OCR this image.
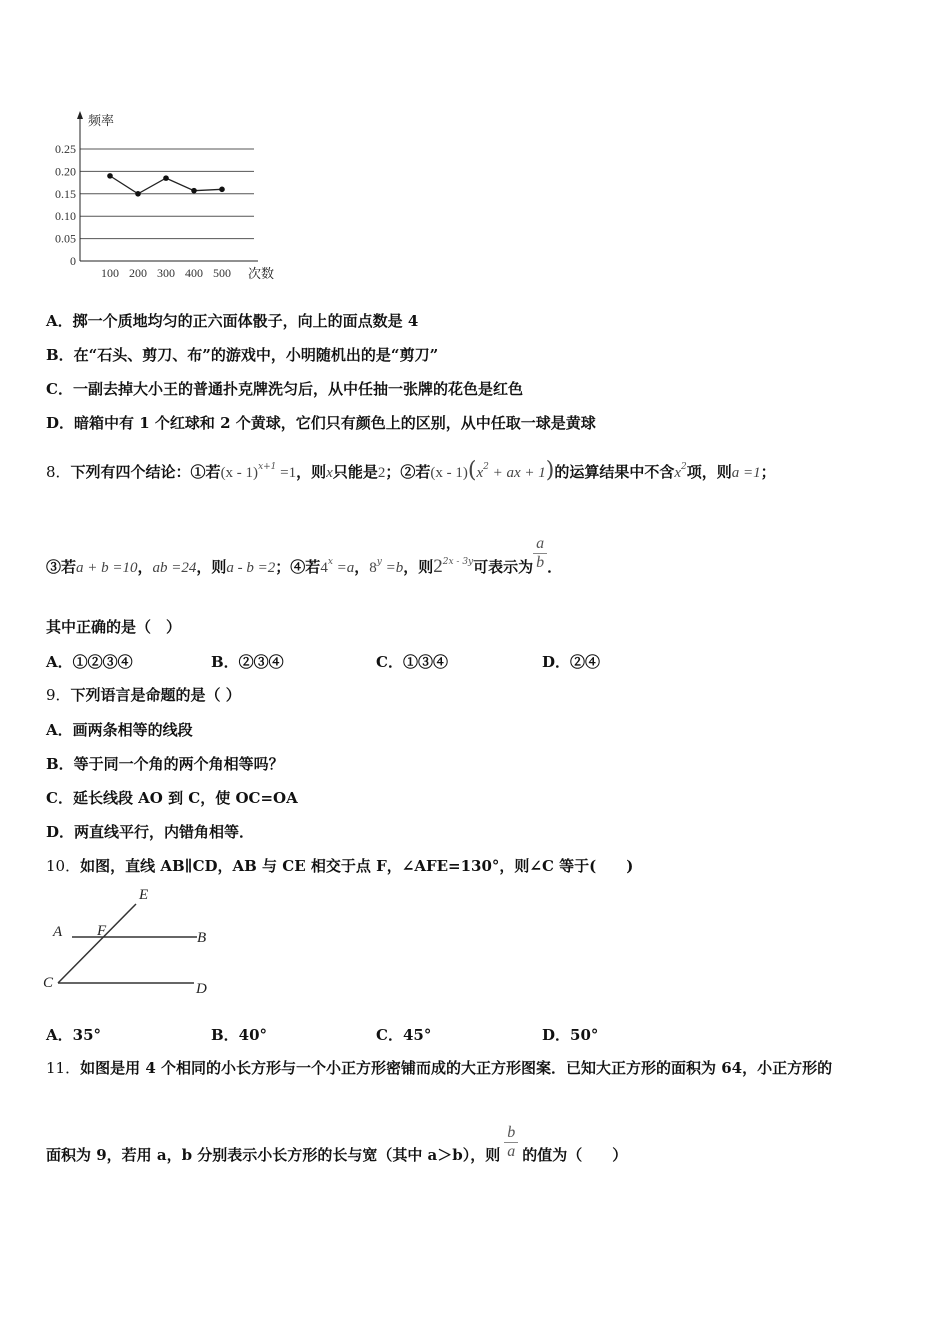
频率
次数
0.25
0.20
0.15
0.10
0.05
0
100 200 300 400 500
A．掷一个质地均匀的正六面体骰子，向上的面点数是 4
B．在“石头、剪刀、布”的游戏中，小明随机出的是“剪刀”
C．一副去掉大小王的普通扑克牌洗匀后，从中任抽一张牌的花色是红色
D．暗箱中有 1 个红球和 2 个黄球，它们只有颜色上的区别，从中任取一球是黄球
8．下列有四个结论：①若(x - 1)$^{x+1}$ =1，则x只能是2；②若$(x - 1)(x^2$ + ax + 1)的运算结果中不含$x^2$项，则a =1；
③若a + b =10，ab =24，则a - b =2；④若$4^x =a$，$8^y =b$，则$2^{2x - 3y}$可表示为 $\frac{a}{b}$ ．
其中正确的是（　）
A．①②③④	B．②③④	C．①③④	D．②④
9．下列语言是命题的是（ ）
A．画两条相等的线段
B．等于同一个角的两个角相等吗？
C．延长线段 AO 到 C，使 OC=OA
D．两直线平行，内错角相等．
10．如图，直线 AB∥CD，AB 与 CE 相交于点 F，∠AFE=130°，则∠C 等于(　　)
E
A F	B
C	D
A．35°	B．40°	C．45°	D．50°
11．如图是用 4 个相同的小长方形与一个小正方形密铺而成的大正方形图案．已知大正方形的面积为 64，小正方形的
面积为 9，若用 a，b 分别表示小长方形的长与宽（其中 a＞b），则 $\frac{b}{a}$ 的值为（　　）
